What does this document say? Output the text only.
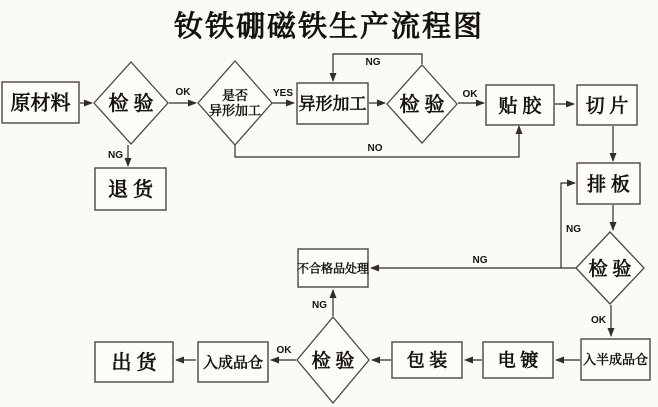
钕铁硼磁铁生产流程图
OK
NG
YES	OK
NG
NO
NG
NG
OK
OK
NG
原材料 检 验	是否异形加工 异形加工 检 验	贴 胶 切 片
退 货	排 板
检 验
不合格品处理
入半成品仓
电 镀
包 装
检 验
入成品仓
出 货
